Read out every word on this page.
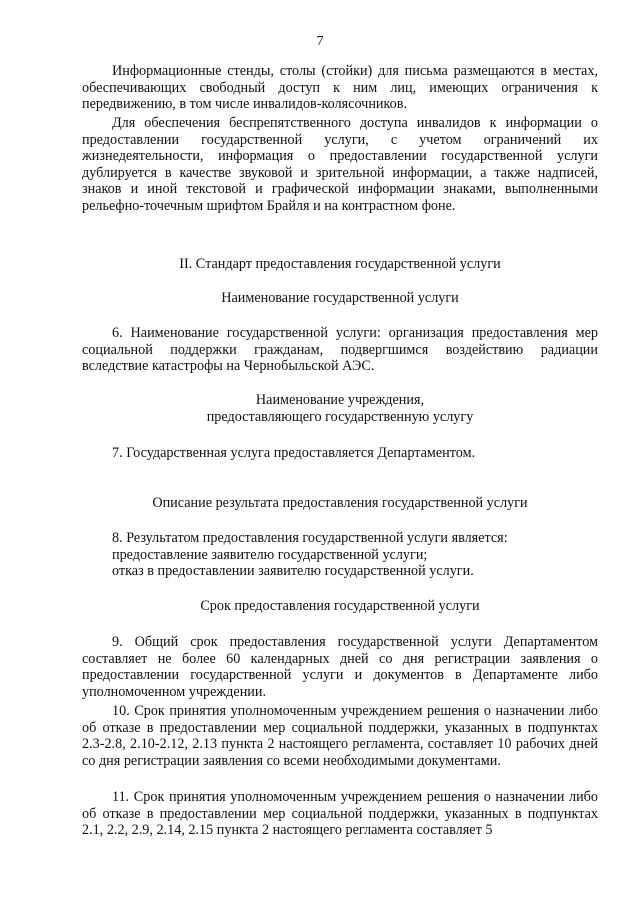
7

Информационные стенды, столы (стойки) для письма размещаются в местах, обеспечивающих свободный доступ к ним лиц, имеющих ограничения к передвижению, в том числе инвалидов-колясочников.

Для обеспечения беспрепятственного доступа инвалидов к информации о предоставлении государственной услуги, с учетом ограничений их жизнедеятельности, информация о предоставлении государственной услуги дублируется в качестве звуковой и зрительной информации, а также надписей, знаков и иной текстовой и графической информации знаками, выполненными рельефно-точечным шрифтом Брайля и на контрастном фоне.

II. Стандарт предоставления государственной услуги

Наименование государственной услуги

6. Наименование государственной услуги: организация предоставления мер социальной поддержки гражданам, подвергшимся воздействию радиации вследствие катастрофы на Чернобыльской АЭС.

Наименование учреждения,

предоставляющего государственную услугу

7. Государственная услуга предоставляется Департаментом.

Описание результата предоставления государственной услуги

8. Результатом предоставления государственной услуги является:

предоставление заявителю государственной услуги;

отказ в предоставлении заявителю государственной услуги.

Срок предоставления государственной услуги

9. Общий срок предоставления государственной услуги Департаментом составляет не более 60 календарных дней со дня регистрации заявления о предоставлении государственной услуги и документов в Департаменте либо уполномоченном учреждении.

10. Срок принятия уполномоченным учреждением решения о назначении либо об отказе в предоставлении мер социальной поддержки, указанных в подпунктах 2.3-2.8, 2.10-2.12, 2.13 пункта 2 настоящего регламента, составляет 10 рабочих дней со дня регистрации заявления со всеми необходимыми документами.

11. Срок принятия уполномоченным учреждением решения о назначении либо об отказе в предоставлении мер социальной поддержки, указанных в подпунктах 2.1, 2.2, 2.9, 2.14, 2.15 пункта 2 настоящего регламента составляет 5
